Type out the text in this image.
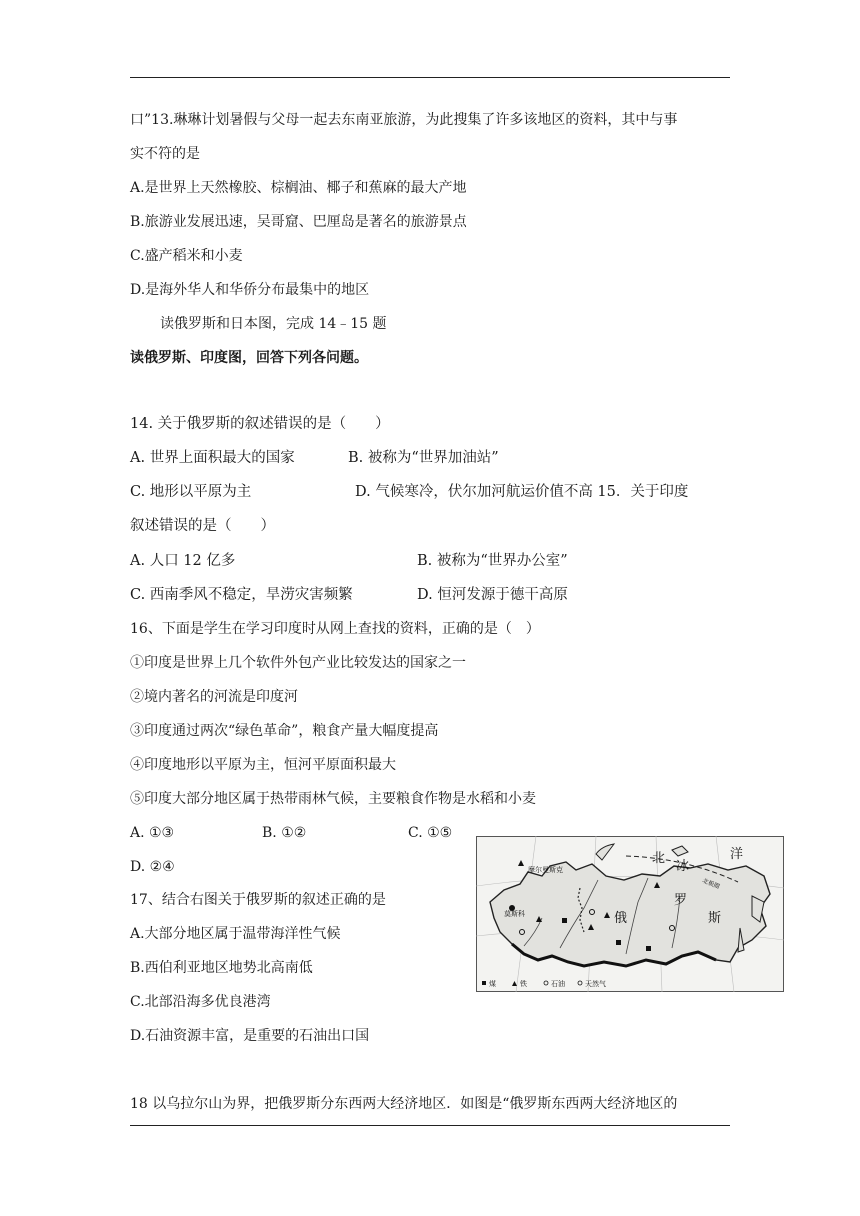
口”13.琳琳计划暑假与父母一起去东南亚旅游，为此搜集了许多该地区的资料，其中与事
实不符的是
A.是世界上天然橡胶、棕榈油、椰子和蕉麻的最大产地
B.旅游业发展迅速，吴哥窟、巴厘岛是著名的旅游景点
C.盛产稻米和小麦
D.是海外华人和华侨分布最集中的地区
读俄罗斯和日本图，完成 14﹣15 题
读俄罗斯、印度图，回答下列各问题。
14. 关于俄罗斯的叙述错误的是（　　）
A. 世界上面积最大的国家	B. 被称为“世界加油站”
C. 地形以平原为主	D. 气候寒冷，伏尔加河航运价值不高 15．关于印度
叙述错误的是（　　）
A. 人口 12 亿多	B. 被称为“世界办公室”
C. 西南季风不稳定，旱涝灾害频繁	D. 恒河发源于德干高原
16、下面是学生在学习印度时从网上查找的资料，正确的是（　）
①印度是世界上几个软件外包产业比较发达的国家之一
②境内著名的河流是印度河
③印度通过两次“绿色革命”，粮食产量大幅度提高
④印度地形以平原为主，恒河平原面积最大
⑤印度大部分地区属于热带雨林气候，主要粮食作物是水稻和小麦
A. ①③	B. ①②	C. ①⑤
D. ②④
17、结合右图关于俄罗斯的叙述正确的是
A.大部分地区属于温带海洋性气候
B.西伯利亚地区地势北高南低
C.北部沿海多优良港湾
D.石油资源丰富，是重要的石油出口国
18 以乌拉尔山为界，把俄罗斯分东西两大经济地区．如图是“俄罗斯东西两大经济地区的
北
冰
洋
俄
罗
斯
摩尔曼斯克
莫斯科
北极圈
煤	铁	石油	天然气
